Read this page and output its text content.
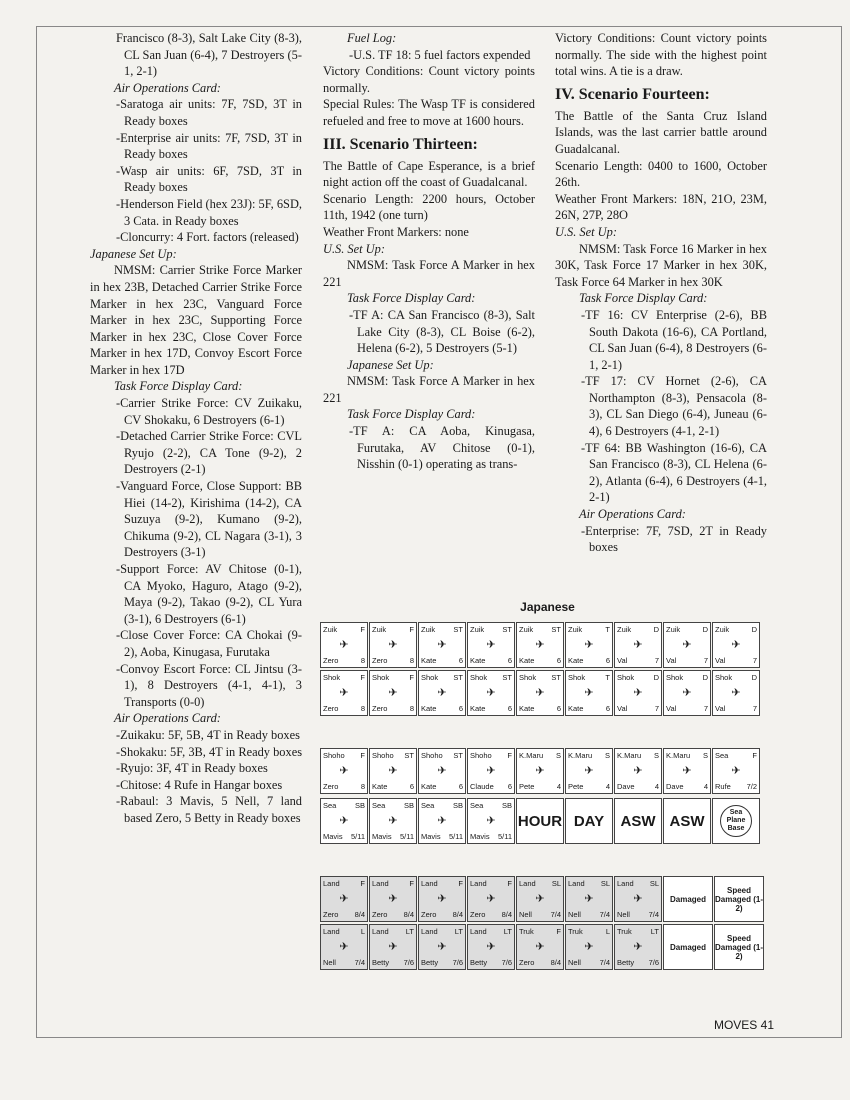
Francisco (8-3), Salt Lake City (8-3), CL San Juan (6-4), 7 Destroyers (5-1, 2-1)

Air Operations Card:

-Saratoga air units: 7F, 7SD, 3T in Ready boxes

-Enterprise air units: 7F, 7SD, 3T in Ready boxes

-Wasp air units: 6F, 7SD, 3T in Ready boxes

-Henderson Field (hex 23J): 5F, 6SD, 3 Cata. in Ready boxes

-Cloncurry: 4 Fort. factors (released)

Japanese Set Up:

NMSM: Carrier Strike Force Marker in hex 23B, Detached Carrier Strike Force Marker in hex 23C, Vanguard Force Marker in hex 23C, Supporting Force Marker in hex 23C, Close Cover Force Marker in hex 17D, Convoy Escort Force Marker in hex 17D

Task Force Display Card:

-Carrier Strike Force: CV Zuikaku, CV Shokaku, 6 Destroyers (6-1)

-Detached Carrier Strike Force: CVL Ryujo (2-2), CA Tone (9-2), 2 Destroyers (2-1)

-Vanguard Force, Close Support: BB Hiei (14-2), Kirishima (14-2), CA Suzuya (9-2), Kumano (9-2), Chikuma (9-2), CL Nagara (3-1), 3 Destroyers (3-1)

-Support Force: AV Chitose (0-1), CA Myoko, Haguro, Atago (9-2), Maya (9-2), Takao (9-2), CL Yura (3-1), 6 Destroyers (6-1)

-Close Cover Force: CA Chokai (9-2), Aoba, Kinugasa, Furutaka

-Convoy Escort Force: CL Jintsu (3-1), 8 Destroyers (4-1, 4-1), 3 Transports (0-0)

Air Operations Card:

-Zuikaku: 5F, 5B, 4T in Ready boxes

-Shokaku: 5F, 3B, 4T in Ready boxes

-Ryujo: 3F, 4T in Ready boxes

-Chitose: 4 Rufe in Hangar boxes

-Rabaul: 3 Mavis, 5 Nell, 7 land based Zero, 5 Betty in Ready boxes

Fuel Log:

-U.S. TF 18: 5 fuel factors expended

Victory Conditions: Count victory points normally.

Special Rules: The Wasp TF is considered refueled and free to move at 1600 hours.

III. Scenario Thirteen:

The Battle of Cape Esperance, is a brief night action off the coast of Guadalcanal.

Scenario Length: 2200 hours, October 11th, 1942 (one turn)

Weather Front Markers: none

U.S. Set Up:

NMSM: Task Force A Marker in hex 221

Task Force Display Card:

-TF A: CA San Francisco (8-3), Salt Lake City (8-3), CL Boise (6-2), Helena (6-2), 5 Destroyers (5-1)

Japanese Set Up:

NMSM: Task Force A Marker in hex 221

Task Force Display Card:

-TF A: CA Aoba, Kinugasa, Furutaka, AV Chitose (0-1), Nisshin (0-1) operating as trans-

Victory Conditions: Count victory points normally. The side with the highest point total wins. A tie is a draw.

IV. Scenario Fourteen:

The Battle of the Santa Cruz Island Islands, was the last carrier battle around Guadalcanal.

Scenario Length: 0400 to 1600, October 26th.

Weather Front Markers: 18N, 21O, 23M, 26N, 27P, 28O

U.S. Set Up:

NMSM: Task Force 16 Marker in hex 30K, Task Force 17 Marker in hex 30K, Task Force 64 Marker in hex 30K

Task Force Display Card:

-TF 16: CV Enterprise (2-6), BB South Dakota (16-6), CA Portland, CL San Juan (6-4), 8 Destroyers (6-1, 2-1)

-TF 17: CV Hornet (2-6), CA Northampton (8-3), Pensacola (8-3), CL San Diego (6-4), Juneau (6-4), 6 Destroyers (4-1, 2-1)

-TF 64: BB Washington (16-6), CA San Francisco (8-3), CL Helena (6-2), Atlanta (6-4), 6 Destroyers (4-1, 2-1)

Air Operations Card:

-Enterprise: 7F, 7SD, 2T in Ready boxes

Japanese
Zuik	F
Zero	8
✈
Zuik	F
Zero	8
✈
Zuik ST
Kate	6
✈
Zuik ST
Kate	6
✈
Zuik ST
Kate	6
✈
Zuik	T
Kate	6
✈
Zuik	D
Val	7
✈
Zuik	D
Val	7
✈
Zuik	D
Val	7
✈
Shok	F
Zero	8
✈
Shok	F
Zero	8
✈
Shok ST
Kate	6
✈
Shok ST
Kate	6
✈
Shok ST
Kate	6
✈
Shok	T
Kate	6
✈
Shok	D
Val	7
✈
Shok	D
Val	7
✈
Shok	D
Val	7
✈
Shoho F
Zero	8
✈
Shoho ST
Kate	6
✈
Shoho ST
Kate	6
✈
Shoho F
Claude 6
✈
K.Maru S
Pete	4
✈
K.Maru S
Pete	4
✈
K.Maru S
Dave	4
✈
K.Maru S
Dave	4
✈
Sea	F
Rufe 7/2
✈
Sea SB
Mavis 5/11
✈
Sea SB
Mavis 5/11
✈
Sea SB
Mavis 5/11
✈
Sea SB
Mavis 5/11
✈	HOUR DAY	ASW ASW	Sea Plane Base
Land	F
Zero 8/4
✈
Land	F
Zero 8/4
✈
Land	F
Zero 8/4
✈
Land	F
Zero 8/4
✈
Land SL
Nell 7/4
✈
Land SL
Nell 7/4
✈
Land SL
Nell 7/4
✈	Damaged
Speed Damaged (1-2)
Land	L
Nell 7/4
✈
Land LT
Betty 7/6
✈
Land LT
Betty 7/6
✈
Land LT
Betty 7/6
✈
Truk	F
Zero 8/4
✈
Truk	L
Nell 7/4
✈
Truk	LT
Betty 7/6
✈	Damaged
Speed Damaged (1-2)
MOVES 41
